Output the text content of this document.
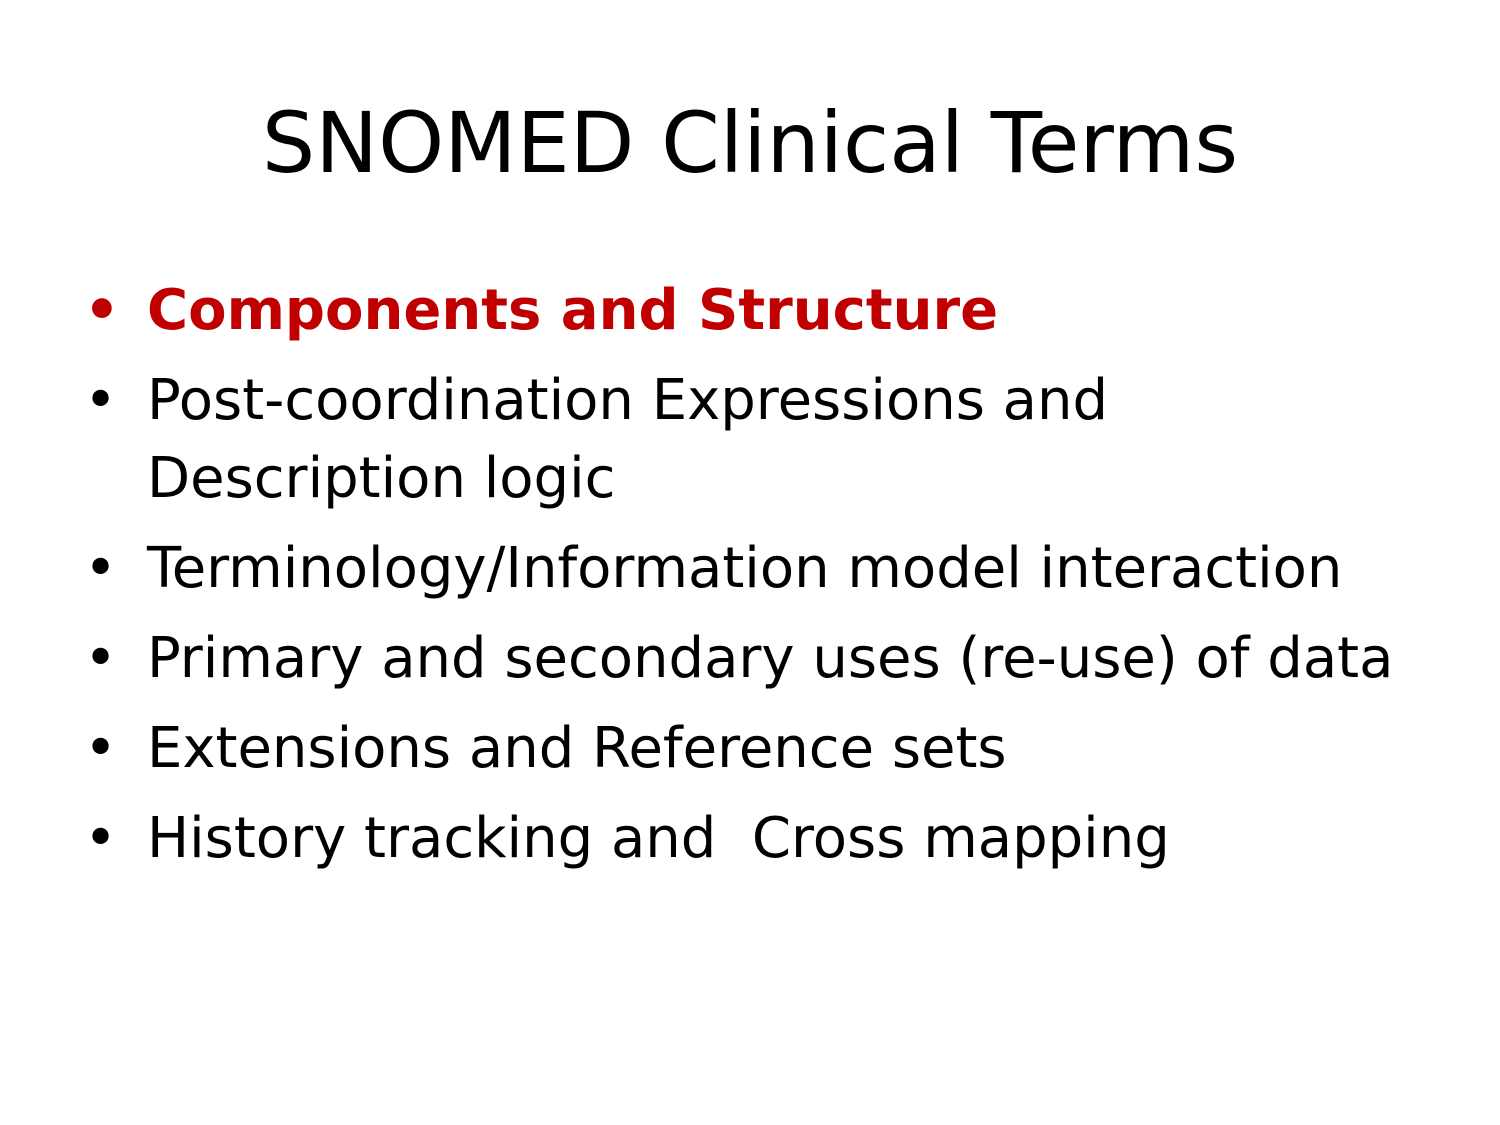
SNOMED Clinical Terms
• Components and Structure
• Post-coordination Expressions and
Description logic
• Terminology/Information model interaction
• Primary and secondary uses (re-use) of data
• Extensions and Reference sets
• History tracking and  Cross mapping
